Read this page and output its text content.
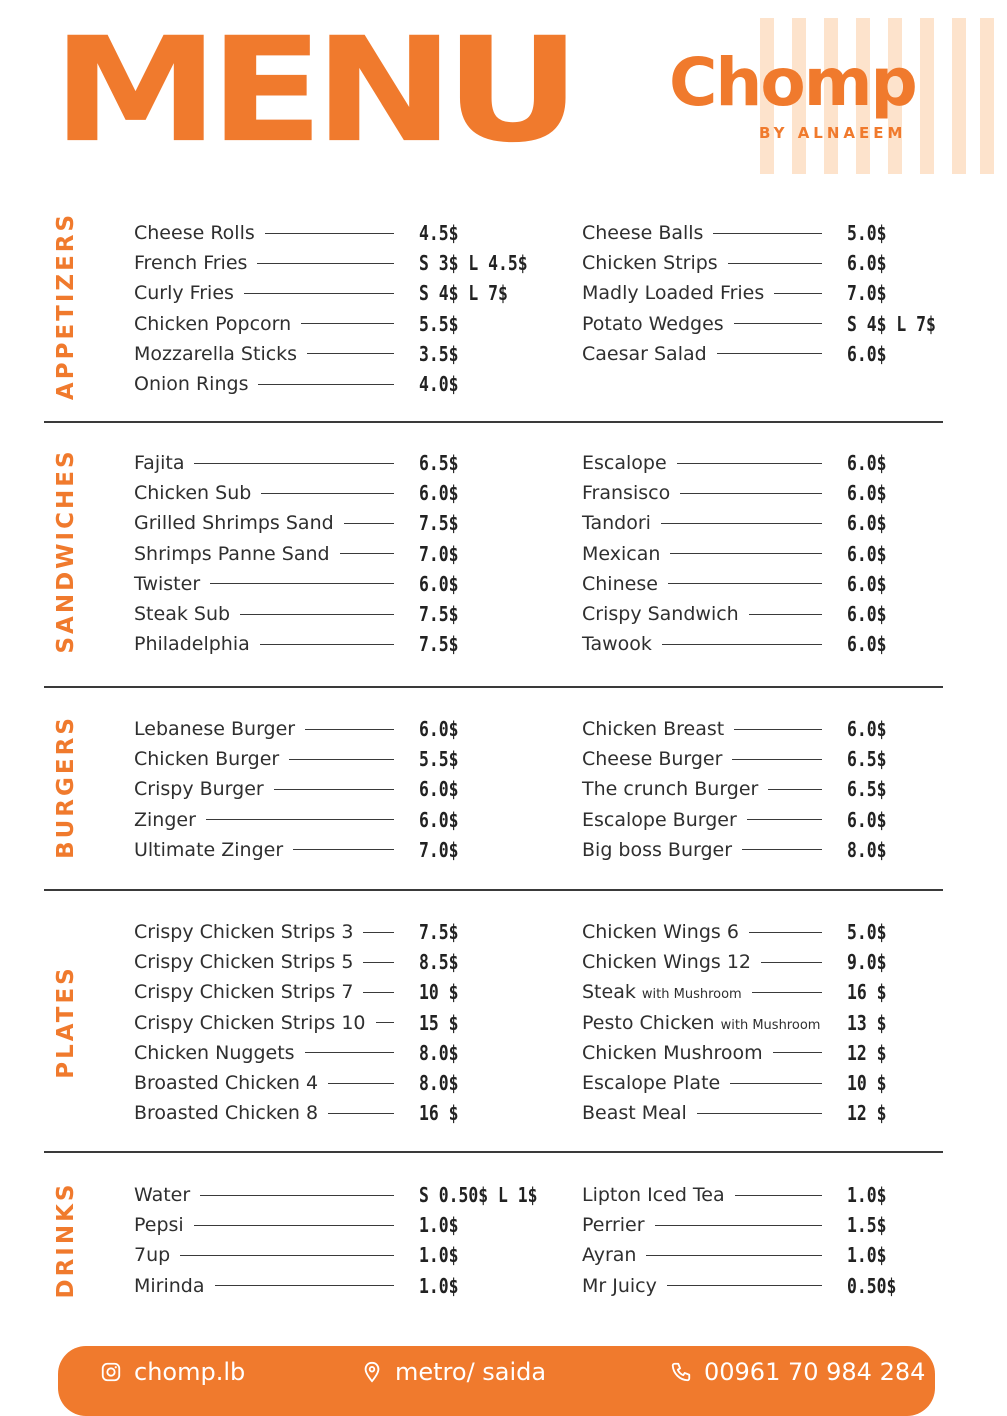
MENU Chomp
BY ALNAEEM
APPETIZERS	Cheese Rolls	4.5$
French Fries	S 3$ L 4.5$
Curly Fries	S 4$ L 7$
Chicken Popcorn	5.5$
Mozzarella Sticks	3.5$
Onion Rings	4.0$
Cheese Balls	5.0$
Chicken Strips	6.0$
Madly Loaded Fries	7.0$
Potato Wedges	S 4$ L 7$
Caesar Salad	6.0$
SANDWICHES	Fajita	6.5$
Chicken Sub	6.0$
Grilled Shrimps Sand	7.5$
Shrimps Panne Sand	7.0$
Twister	6.0$
Steak Sub	7.5$
Philadelphia	7.5$
Escalope	6.0$
Fransisco	6.0$
Tandori	6.0$
Mexican	6.0$
Chinese	6.0$
Crispy Sandwich	6.0$
Tawook	6.0$
BURGERS	Lebanese Burger	6.0$
Chicken Burger	5.5$
Crispy Burger	6.0$
Zinger	6.0$
Ultimate Zinger	7.0$
Chicken Breast	6.0$
Cheese Burger	6.5$
The crunch Burger	6.5$
Escalope Burger	6.0$
Big boss Burger	8.0$
PLATES
Crispy Chicken Strips 3	7.5$
Crispy Chicken Strips 5	8.5$
Crispy Chicken Strips 7	10 $
Crispy Chicken Strips 10	15 $
Chicken Nuggets	8.0$
Broasted Chicken 4	8.0$
Broasted Chicken 8	16 $
Chicken Wings 6	5.0$
Chicken Wings 12	9.0$
Steak with Mushroom	16 $
Pesto Chicken with Mushroom 13 $
Chicken Mushroom	12 $
Escalope Plate	10 $
Beast Meal	12 $
DRINKS	Water	S 0.50$ L 1$
Pepsi	1.0$
7up	1.0$
Mirinda	1.0$
Lipton Iced Tea	1.0$
Perrier	1.5$
Ayran	1.0$
Mr Juicy	0.50$
chomp.lb	metro/ saida	00961 70 984 284
